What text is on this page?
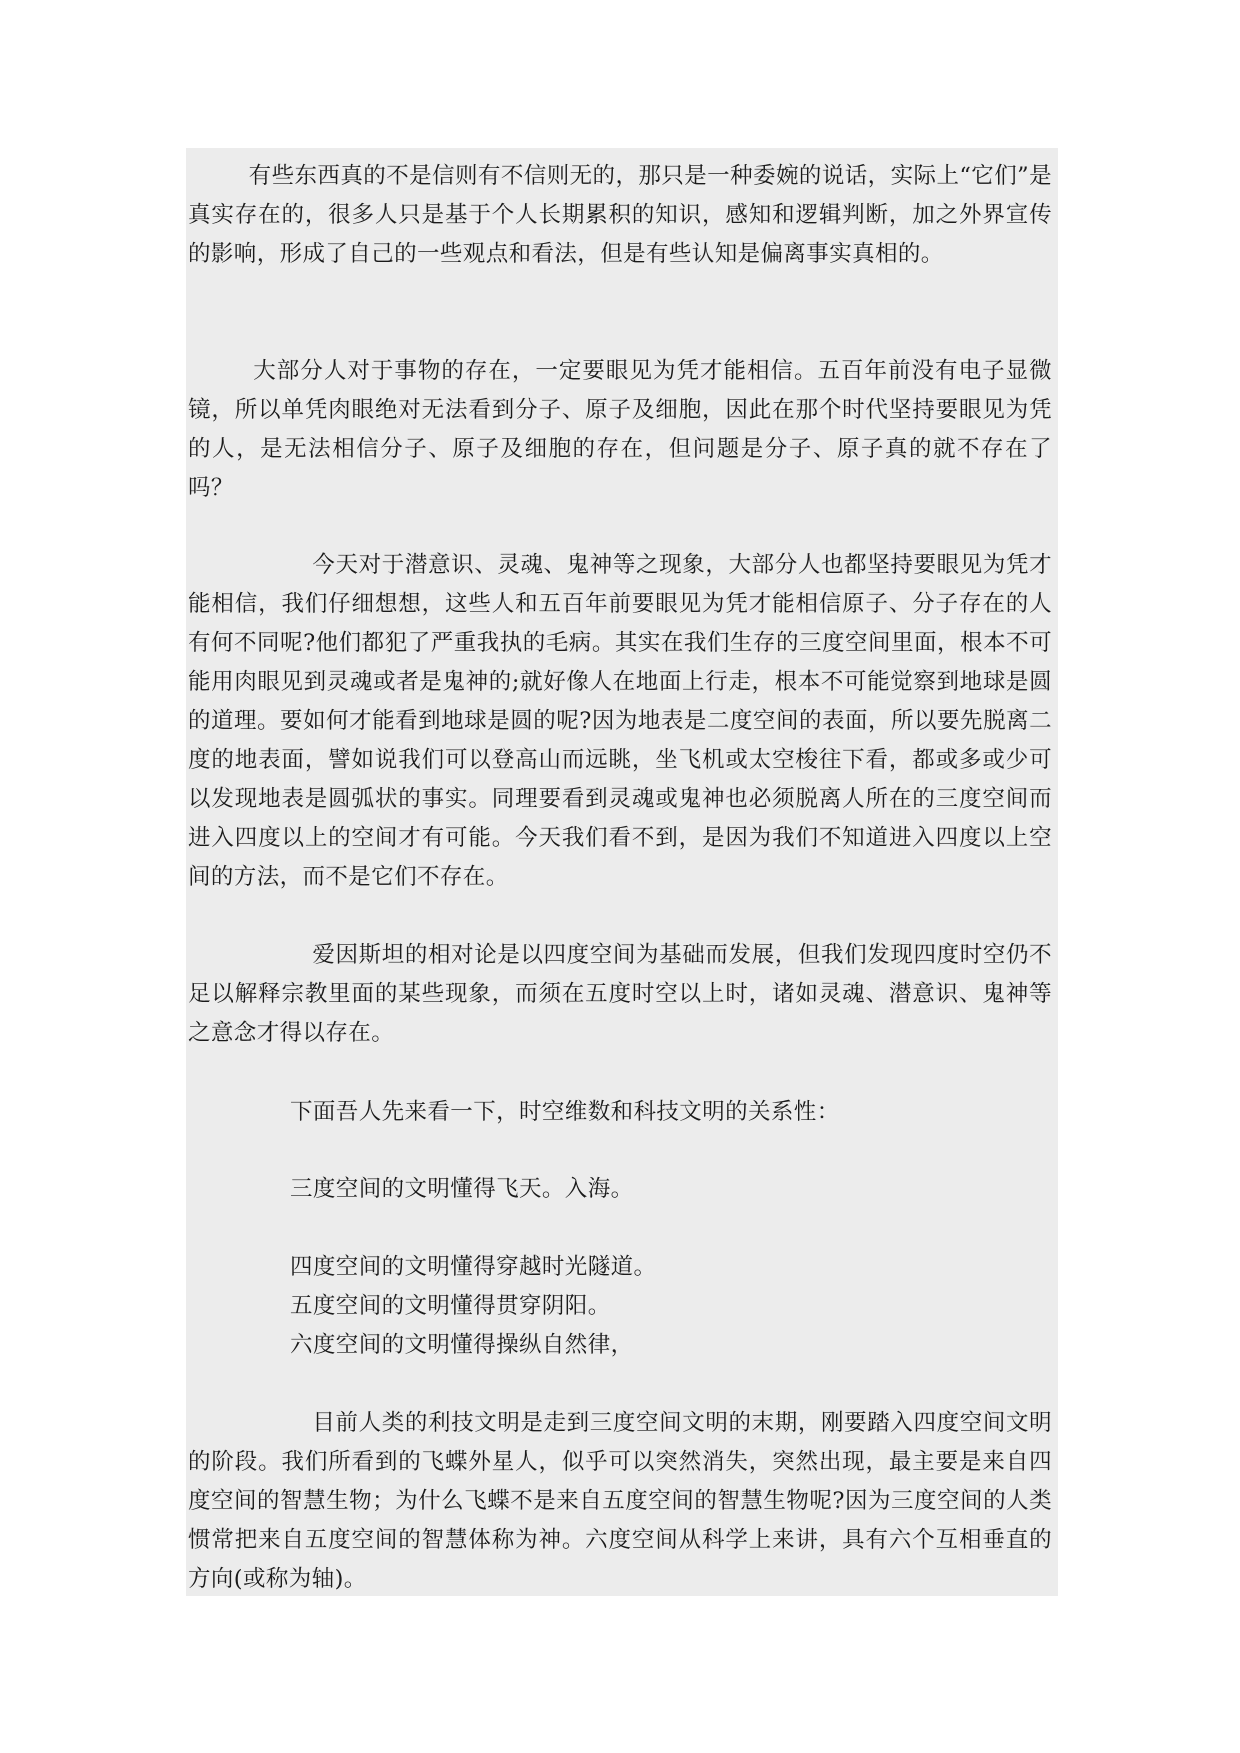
有些东西真的不是信则有不信则无的，那只是一种委婉的说话，实际上“它们”是真实存在的，很多人只是基于个人长期累积的知识，感知和逻辑判断，加之外界宣传的影响，形成了自己的一些观点和看法，但是有些认知是偏离事实真相的。

大部分人对于事物的存在，一定要眼见为凭才能相信。五百年前没有电子显微镜，所以单凭肉眼绝对无法看到分子、原子及细胞，因此在那个时代坚持要眼见为凭的人，是无法相信分子、原子及细胞的存在，但问题是分子、原子真的就不存在了吗？

今天对于潜意识、灵魂、鬼神等之现象，大部分人也都坚持要眼见为凭才能相信，我们仔细想想，这些人和五百年前要眼见为凭才能相信原子、分子存在的人有何不同呢?他们都犯了严重我执的毛病。其实在我们生存的三度空间里面，根本不可能用肉眼见到灵魂或者是鬼神的;就好像人在地面上行走，根本不可能觉察到地球是圆的道理。要如何才能看到地球是圆的呢?因为地表是二度空间的表面，所以要先脱离二度的地表面，譬如说我们可以登高山而远眺，坐飞机或太空梭往下看，都或多或少可以发现地表是圆弧状的事实。同理要看到灵魂或鬼神也必须脱离人所在的三度空间而进入四度以上的空间才有可能。今天我们看不到，是因为我们不知道进入四度以上空间的方法，而不是它们不存在。

爱因斯坦的相对论是以四度空间为基础而发展，但我们发现四度时空仍不足以解释宗教里面的某些现象，而须在五度时空以上时，诸如灵魂、潜意识、鬼神等之意念才得以存在。

下面吾人先来看一下，时空维数和科技文明的关系性：

三度空间的文明懂得飞天。入海。

四度空间的文明懂得穿越时光隧道。

五度空间的文明懂得贯穿阴阳。

六度空间的文明懂得操纵自然律，

目前人类的利技文明是走到三度空间文明的末期，刚要踏入四度空间文明的阶段。我们所看到的飞蝶外星人，似乎可以突然消失，突然出现，最主要是来自四度空间的智慧生物；为什么飞蝶不是来自五度空间的智慧生物呢?因为三度空间的人类惯常把来自五度空间的智慧体称为神。六度空间从科学上来讲，具有六个互相垂直的方向(或称为轴)。
